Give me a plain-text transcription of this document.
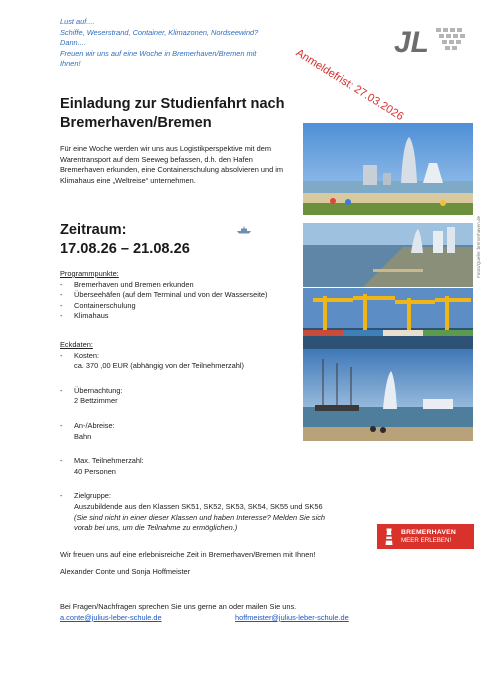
Lust auf....
Schiffe, Weserstrand, Container, Klimazonen, Nordseewind?
Dann....
Freuen wir uns auf eine Woche in Bremerhaven/Bremen mit
Ihnen!	Anmeldefrist: 27.03.2026
JL
Einladung zur Studienfahrt nach
Bremerhaven/Bremen
Für eine Woche werden wir uns aus Logistikperspektive mit dem Warentransport auf dem Seeweg befassen, d.h. den Hafen Bremerhaven erkunden, eine Containerschulung absolvieren und im Klimahaus eine „Weltreise“ unternehmen.
Fotos/Quelle: bremerhaven.de
Zeitraum:
17.08.26 – 21.08.26
Programmpunkte:
- Bremerhaven und Bremen erkunden
- Überseehäfen (auf dem Terminal und von der Wasserseite)
- Containerschulung
- Klimahaus
Eckdaten:
- Kosten:
ca. 370 ,00 EUR (abhängig von der Teilnehmerzahl)
- Übernachtung:
2 Bettzimmer
- An-/Abreise:
Bahn
- Max. Teilnehmerzahl:
40 Personen
- Zielgruppe:
Auszubildende aus den Klassen SK51, SK52, SK53, SK54, SK55 und SK56
(Sie sind nicht in einer dieser Klassen und haben Interesse? Melden Sie sich
vorab bei uns, um die Teilnahme zu ermöglichen.)	BREMERHAVEN
MEER ERLEBEN!
Wir freuen uns auf eine erlebnisreiche Zeit in Bremerhaven/Bremen mit Ihnen!
Alexander Conte und Sonja Hoffmeister
Bei Fragen/Nachfragen sprechen Sie uns gerne an oder mailen Sie uns.
a.conte@julius-leber-schule.de	hoffmeister@julius-leber-schule.de
